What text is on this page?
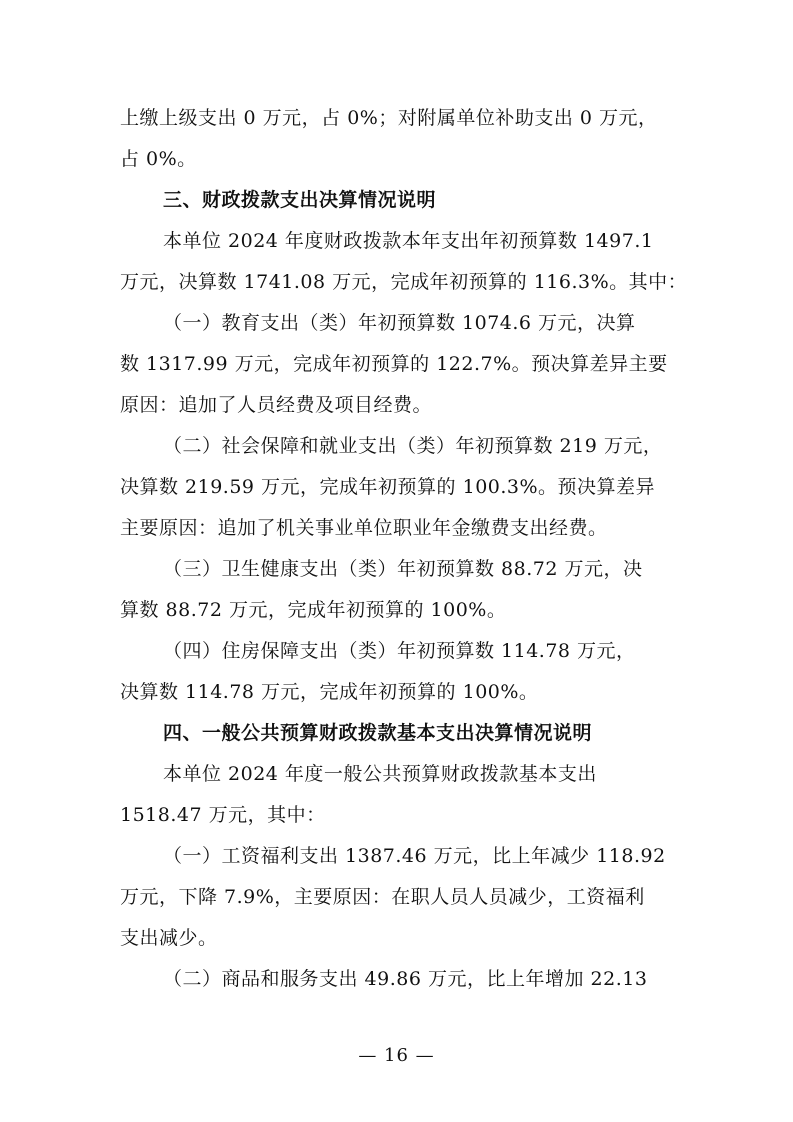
上缴上级支出 0 万元，占 0%；对附属单位补助支出 0 万元，
占 0%。
三、财政拨款支出决算情况说明
本单位 2024 年度财政拨款本年支出年初预算数 1497.1
万元，决算数 1741.08 万元，完成年初预算的 116.3%。其中：
（一）教育支出（类）年初预算数 1074.6 万元，决算
数 1317.99 万元，完成年初预算的 122.7%。预决算差异主要
原因：追加了人员经费及项目经费。
（二）社会保障和就业支出（类）年初预算数 219 万元，
决算数 219.59 万元，完成年初预算的 100.3%。预决算差异
主要原因：追加了机关事业单位职业年金缴费支出经费。
（三）卫生健康支出（类）年初预算数 88.72 万元，决
算数 88.72 万元，完成年初预算的 100%。
（四）住房保障支出（类）年初预算数 114.78 万元，
决算数 114.78 万元，完成年初预算的 100%。
四、一般公共预算财政拨款基本支出决算情况说明
本单位 2024 年度一般公共预算财政拨款基本支出
1518.47 万元，其中：
（一）工资福利支出 1387.46 万元，比上年减少 118.92
万元，下降 7.9%，主要原因：在职人员人员减少，工资福利
支出减少。
（二）商品和服务支出 49.86 万元，比上年增加 22.13
— 16 —
